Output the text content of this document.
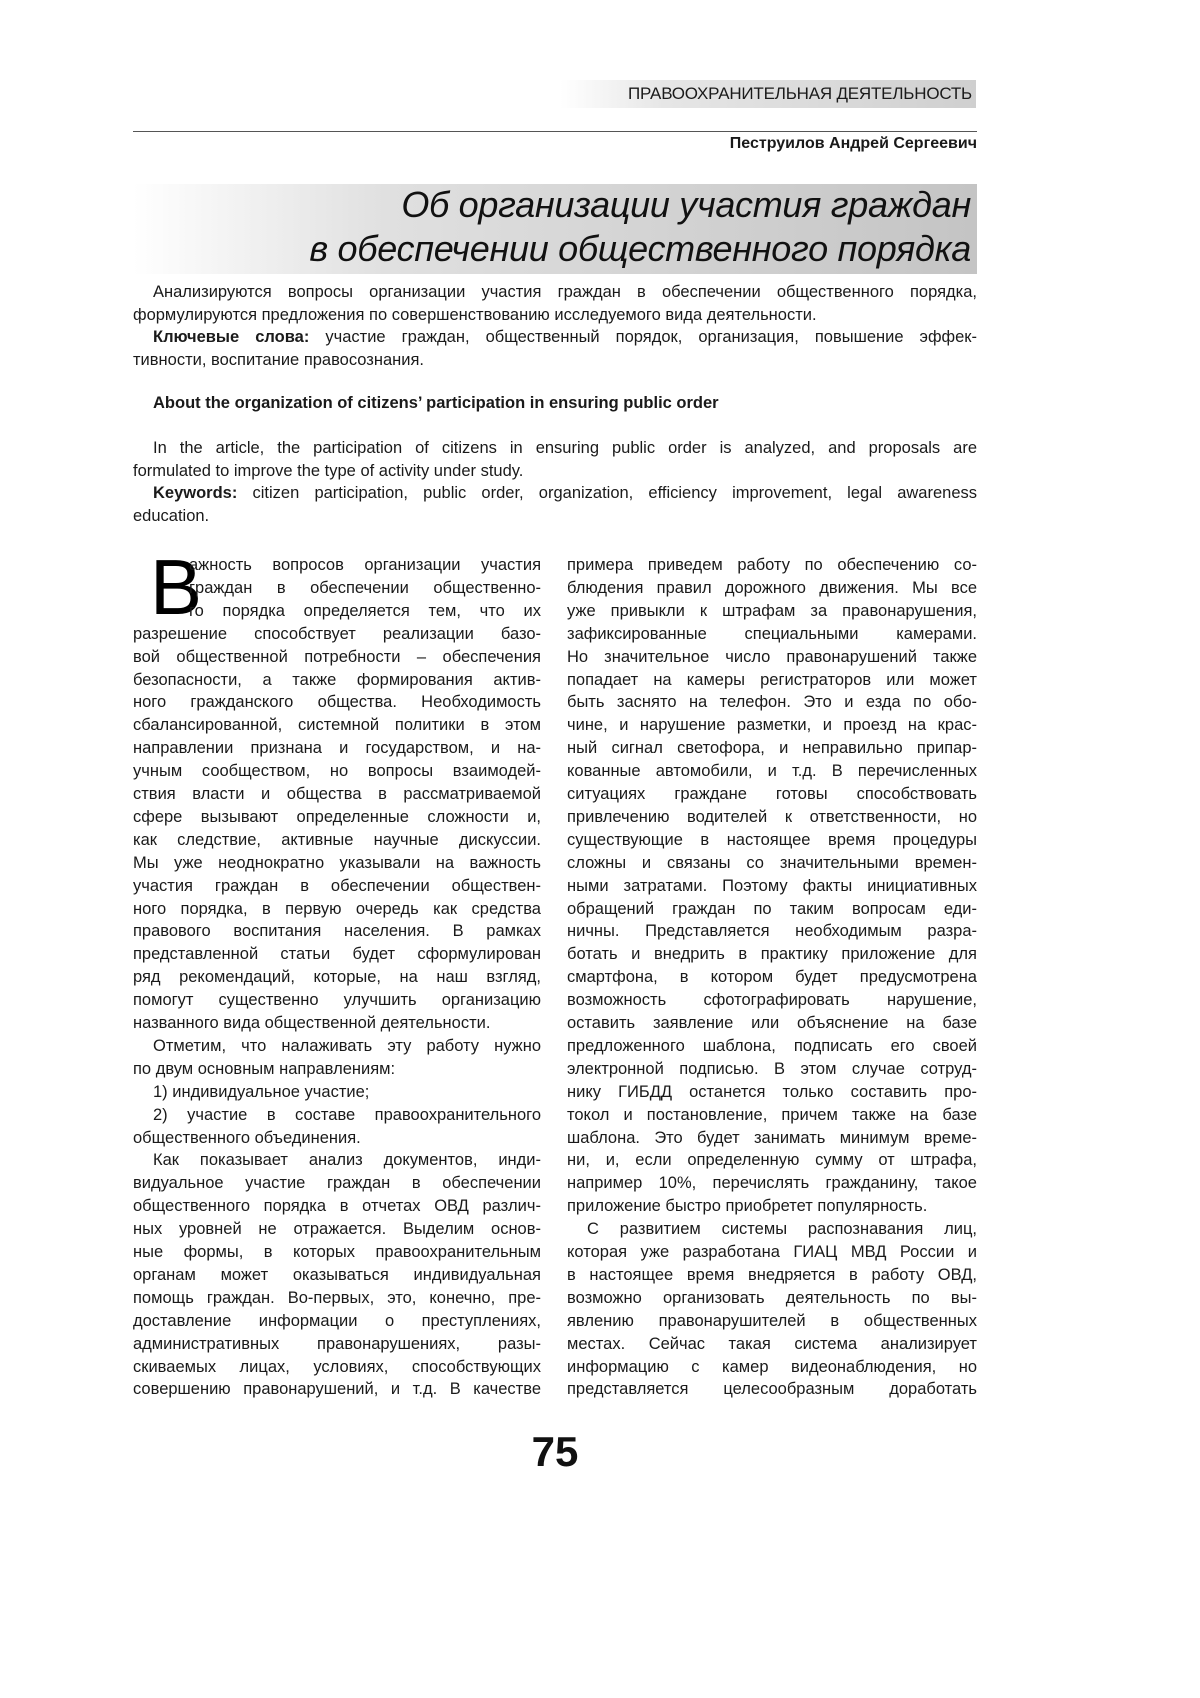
ПРАВООХРАНИТЕЛЬНАЯ ДЕЯТЕЛЬНОСТЬ
Пеструилов Андрей Сергеевич
Об организации участия граждан
в обеспечении общественного порядка
Анализируются вопросы организации участия граждан в обеспечении общественного порядка,
формулируются предложения по совершенствованию исследуемого вида деятельности.
Ключевые слова: участие граждан, общественный порядок, организация, повышение эффек-
тивности, воспитание правосознания.
About the organization of citizens’ participation in ensuring public order
In the article, the participation of citizens in ensuring public order is analyzed, and proposals are
formulated to improve the type of activity under study.
Keywords: citizen participation, public order, organization, efficiency improvement, legal awareness
education.
В
ажность вопросов организации участия
граждан в обеспечении общественно-
го порядка определяется тем, что их
разрешение способствует реализации базо-
вой общественной потребности – обеспечения
безопасности, а также формирования актив-
ного гражданского общества. Необходимость
сбалансированной, системной политики в этом
направлении признана и государством, и на-
учным сообществом, но вопросы взаимодей-
ствия власти и общества в рассматриваемой
сфере вызывают определенные сложности и,
как следствие, активные научные дискуссии.
Мы уже неоднократно указывали на важность
участия граждан в обеспечении обществен-
ного порядка, в первую очередь как средства
правового воспитания населения. В рамках
представленной статьи будет сформулирован
ряд рекомендаций, которые, на наш взгляд,
помогут существенно улучшить организацию
названного вида общественной деятельности.
Отметим, что налаживать эту работу нужно
по двум основным направлениям:
1) индивидуальное участие;
2) участие в составе правоохранительного
общественного объединения.
Как показывает анализ документов, инди-
видуальное участие граждан в обеспечении
общественного порядка в отчетах ОВД различ-
ных уровней не отражается. Выделим основ-
ные формы, в которых правоохранительным
органам может оказываться индивидуальная
помощь граждан. Во-первых, это, конечно, пре-
доставление информации о преступлениях,
административных правонарушениях, разы-
скиваемых лицах, условиях, способствующих
совершению правонарушений, и т.д. В качестве
примера приведем работу по обеспечению со-
блюдения правил дорожного движения. Мы все
уже привыкли к штрафам за правонарушения,
зафиксированные специальными камерами.
Но значительное число правонарушений также
попадает на камеры регистраторов или может
быть заснято на телефон. Это и езда по обо-
чине, и нарушение разметки, и проезд на крас-
ный сигнал светофора, и неправильно припар-
кованные автомобили, и т.д. В перечисленных
ситуациях граждане готовы способствовать
привлечению водителей к ответственности, но
существующие в настоящее время процедуры
сложны и связаны со значительными времен-
ными затратами. Поэтому факты инициативных
обращений граждан по таким вопросам еди-
ничны. Представляется необходимым разра-
ботать и внедрить в практику приложение для
смартфона, в котором будет предусмотрена
возможность сфотографировать нарушение,
оставить заявление или объяснение на базе
предложенного шаблона, подписать его своей
электронной подписью. В этом случае сотруд-
нику ГИБДД останется только составить про-
токол и постановление, причем также на базе
шаблона. Это будет занимать минимум време-
ни, и, если определенную сумму от штрафа,
например 10%, перечислять гражданину, такое
приложение быстро приобретет популярность.
С развитием системы распознавания лиц,
которая уже разработана ГИАЦ МВД России и
в настоящее время внедряется в работу ОВД,
возможно организовать деятельность по вы-
явлению правонарушителей в общественных
местах. Сейчас такая система анализирует
информацию с камер видеонаблюдения, но
представляется целесообразным доработать
75
